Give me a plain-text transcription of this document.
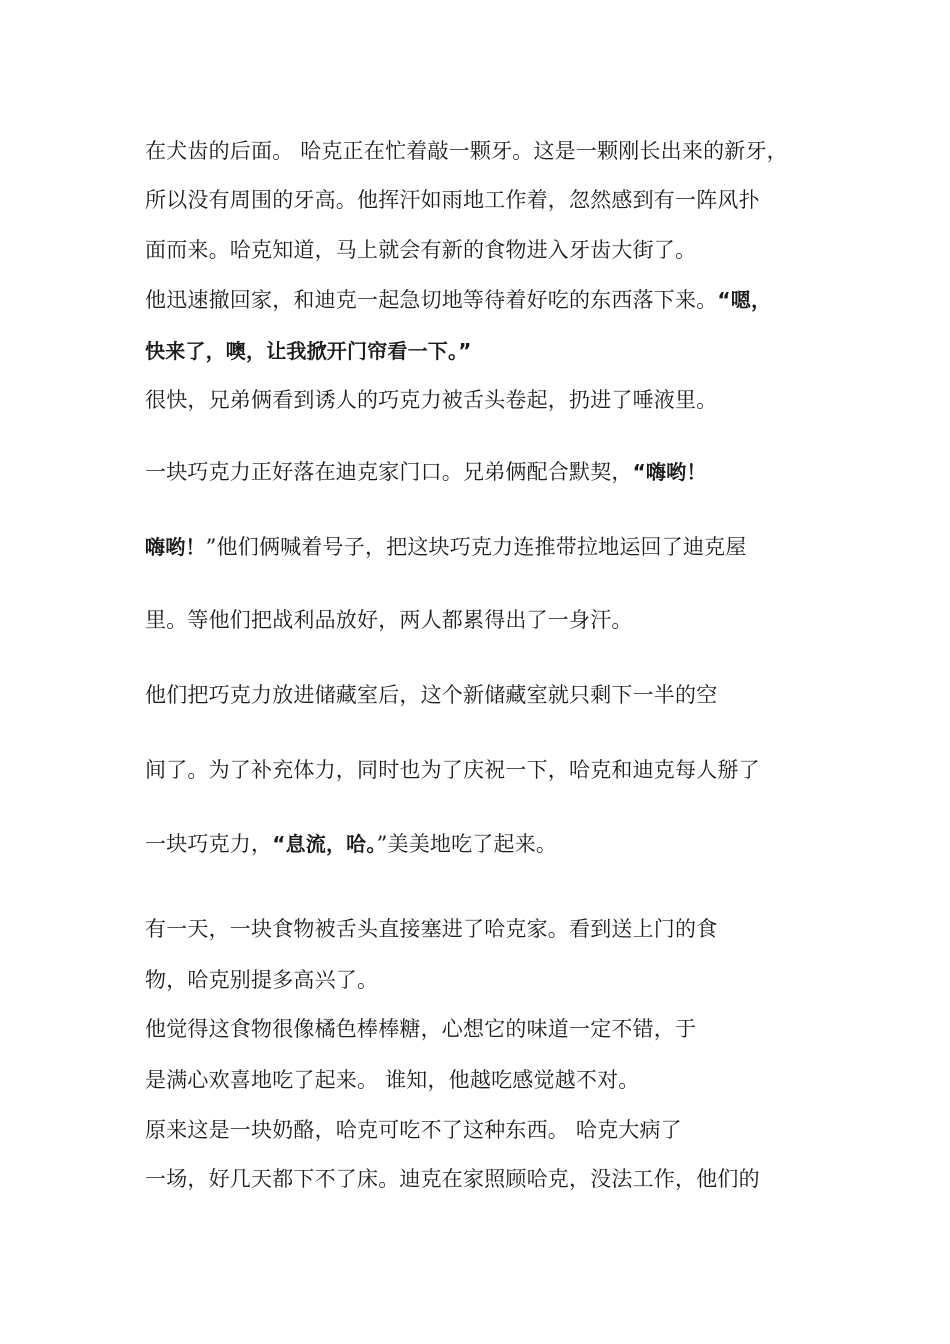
在犬齿的后面。 哈克正在忙着敲一颗牙。这是一颗刚长出来的新牙，
所以没有周围的牙高。他挥汗如雨地工作着，忽然感到有一阵风扑
面而来。哈克知道，马上就会有新的食物进入牙齿大街了。
他迅速撤回家，和迪克一起急切地等待着好吃的东西落下来。“嗯，
快来了，噢，让我掀开门帘看一下。”
很快，兄弟俩看到诱人的巧克力被舌头卷起，扔进了唾液里。
一块巧克力正好落在迪克家门口。兄弟俩配合默契，“嗨哟！
嗨哟！”他们俩喊着号子，把这块巧克力连推带拉地运回了迪克屋
里。等他们把战利品放好，两人都累得出了一身汗。
他们把巧克力放进储藏室后，这个新储藏室就只剩下一半的空
间了。为了补充体力，同时也为了庆祝一下，哈克和迪克每人掰了
一块巧克力，“息流，哈。”美美地吃了起来。
有一天，一块食物被舌头直接塞进了哈克家。看到送上门的食
物，哈克别提多高兴了。
他觉得这食物很像橘色棒棒糖，心想它的味道一定不错，于
是满心欢喜地吃了起来。 谁知，他越吃感觉越不对。
原来这是一块奶酪，哈克可吃不了这种东西。 哈克大病了
一场，好几天都下不了床。迪克在家照顾哈克，没法工作，他们的
